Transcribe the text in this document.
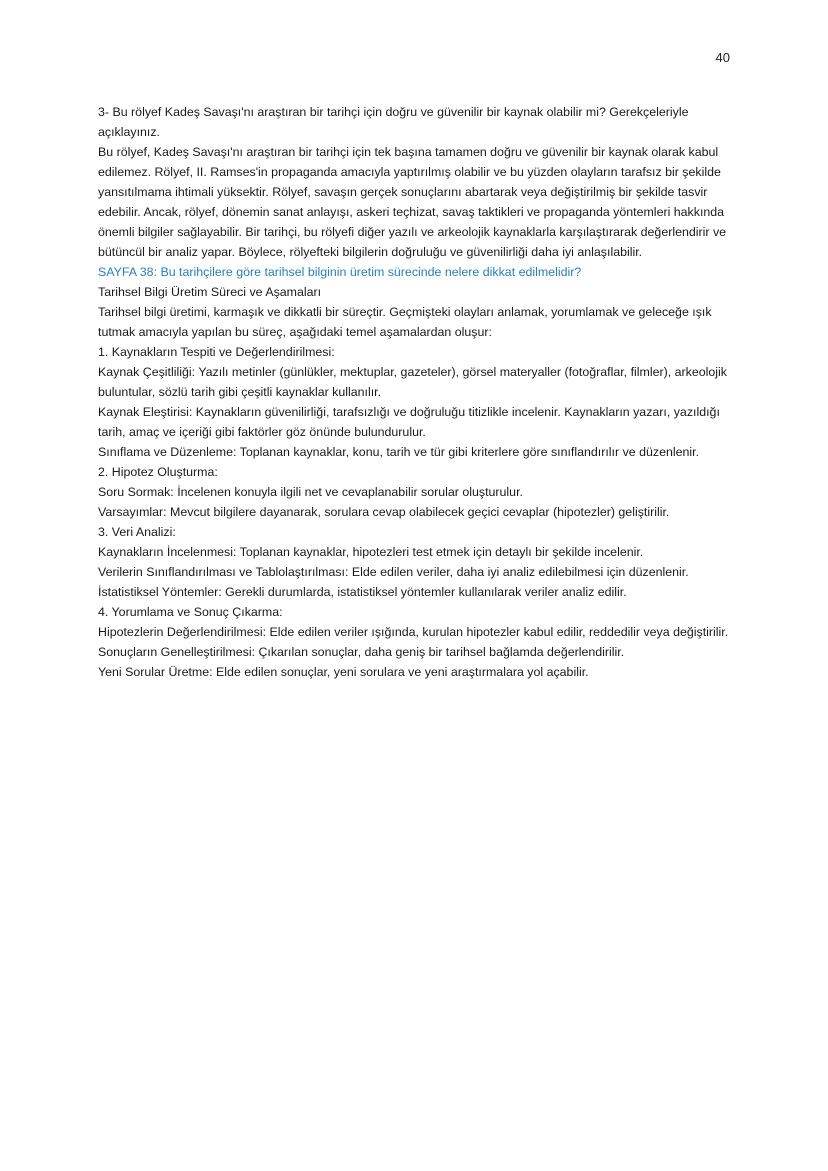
40

3- Bu rölyef Kadeş Savaşı'nı araştıran bir tarihçi için doğru ve güvenilir bir kaynak olabilir mi? Gerekçeleriyle açıklayınız.

Bu rölyef, Kadeş Savaşı'nı araştıran bir tarihçi için tek başına tamamen doğru ve güvenilir bir kaynak olarak kabul edilemez. Rölyef, II. Ramses'in propaganda amacıyla yaptırılmış olabilir ve bu yüzden olayların tarafsız bir şekilde yansıtılmama ihtimali yüksektir. Rölyef, savaşın gerçek sonuçlarını abartarak veya değiştirilmiş bir şekilde tasvir edebilir. Ancak, rölyef, dönemin sanat anlayışı, askeri teçhizat, savaş taktikleri ve propaganda yöntemleri hakkında önemli bilgiler sağlayabilir. Bir tarihçi, bu rölyefi diğer yazılı ve arkeolojik kaynaklarla karşılaştırarak değerlendirir ve bütüncül bir analiz yapar. Böylece, rölyefteki bilgilerin doğruluğu ve güvenilirliği daha iyi anlaşılabilir.

SAYFA 38: Bu tarihçilere göre tarihsel bilginin üretim sürecinde nelere dikkat edilmelidir?

Tarihsel Bilgi Üretim Süreci ve Aşamaları

Tarihsel bilgi üretimi, karmaşık ve dikkatli bir süreçtir. Geçmişteki olayları anlamak, yorumlamak ve geleceğe ışık tutmak amacıyla yapılan bu süreç, aşağıdaki temel aşamalardan oluşur:

1. Kaynakların Tespiti ve Değerlendirilmesi:

Kaynak Çeşitliliği: Yazılı metinler (günlükler, mektuplar, gazeteler), görsel materyaller (fotoğraflar, filmler), arkeolojik buluntular, sözlü tarih gibi çeşitli kaynaklar kullanılır.

Kaynak Eleştirisi: Kaynakların güvenilirliği, tarafsızlığı ve doğruluğu titizlikle incelenir. Kaynakların yazarı, yazıldığı tarih, amaç ve içeriği gibi faktörler göz önünde bulundurulur.

Sınıflama ve Düzenleme: Toplanan kaynaklar, konu, tarih ve tür gibi kriterlere göre sınıflandırılır ve düzenlenir.

2. Hipotez Oluşturma:

Soru Sormak: İncelenen konuyla ilgili net ve cevaplanabilir sorular oluşturulur.

Varsayımlar: Mevcut bilgilere dayanarak, sorulara cevap olabilecek geçici cevaplar (hipotezler) geliştirilir.

3. Veri Analizi:

Kaynakların İncelenmesi: Toplanan kaynaklar, hipotezleri test etmek için detaylı bir şekilde incelenir.

Verilerin Sınıflandırılması ve Tablolaştırılması: Elde edilen veriler, daha iyi analiz edilebilmesi için düzenlenir.

İstatistiksel Yöntemler: Gerekli durumlarda, istatistiksel yöntemler kullanılarak veriler analiz edilir.

4. Yorumlama ve Sonuç Çıkarma:

Hipotezlerin Değerlendirilmesi: Elde edilen veriler ışığında, kurulan hipotezler kabul edilir, reddedilir veya değiştirilir.

Sonuçların Genelleştirilmesi: Çıkarılan sonuçlar, daha geniş bir tarihsel bağlamda değerlendirilir.

Yeni Sorular Üretme: Elde edilen sonuçlar, yeni sorulara ve yeni araştırmalara yol açabilir.
